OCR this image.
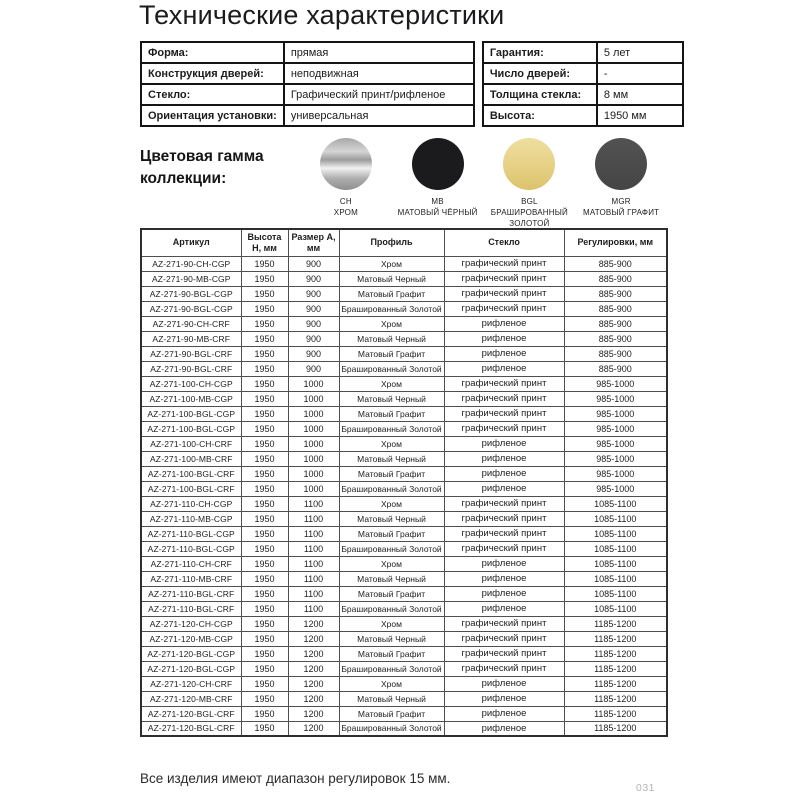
Технические характеристики
Форма:	прямая
Конструкция дверей:	неподвижная
Стекло:	Графический принт/рифленое
Ориентация установки:	универсальная
Гарантия:	5 лет
Число дверей:	-
Толщина стекла:	8 мм
Высота:	1950 мм
Цветовая гамма коллекции:
CH
ХРОМ
MB
МАТОВЫЙ ЧЁРНЫЙ
BGL
БРАШИРОВАННЫЙ ЗОЛОТОЙ
MGR
МАТОВЫЙ ГРАФИТ
Артикул	Высота H, мм	Размер A, мм	Профиль	Стекло	Регулировки, мм
AZ-271-90-CH-CGP	1950	900	Хром	графический принт	885-900
AZ-271-90-MB-CGP	1950	900	Матовый Черный	графический принт	885-900
AZ-271-90-BGL-CGP	1950	900	Матовый Графит	графический принт	885-900
AZ-271-90-BGL-CGP	1950	900	Брашированный Золотой	графический принт	885-900
AZ-271-90-CH-CRF	1950	900	Хром	рифленое	885-900
AZ-271-90-MB-CRF	1950	900	Матовый Черный	рифленое	885-900
AZ-271-90-BGL-CRF	1950	900	Матовый Графит	рифленое	885-900
AZ-271-90-BGL-CRF	1950	900	Брашированный Золотой	рифленое	885-900
AZ-271-100-CH-CGP	1950	1000	Хром	графический принт	985-1000
AZ-271-100-MB-CGP	1950	1000	Матовый Черный	графический принт	985-1000
AZ-271-100-BGL-CGP	1950	1000	Матовый Графит	графический принт	985-1000
AZ-271-100-BGL-CGP	1950	1000	Брашированный Золотой	графический принт	985-1000
AZ-271-100-CH-CRF	1950	1000	Хром	рифленое	985-1000
AZ-271-100-MB-CRF	1950	1000	Матовый Черный	рифленое	985-1000
AZ-271-100-BGL-CRF	1950	1000	Матовый Графит	рифленое	985-1000
AZ-271-100-BGL-CRF	1950	1000	Брашированный Золотой	рифленое	985-1000
AZ-271-110-CH-CGP	1950	1100	Хром	графический принт	1085-1100
AZ-271-110-MB-CGP	1950	1100	Матовый Черный	графический принт	1085-1100
AZ-271-110-BGL-CGP	1950	1100	Матовый Графит	графический принт	1085-1100
AZ-271-110-BGL-CGP	1950	1100	Брашированный Золотой	графический принт	1085-1100
AZ-271-110-CH-CRF	1950	1100	Хром	рифленое	1085-1100
AZ-271-110-MB-CRF	1950	1100	Матовый Черный	рифленое	1085-1100
AZ-271-110-BGL-CRF	1950	1100	Матовый Графит	рифленое	1085-1100
AZ-271-110-BGL-CRF	1950	1100	Брашированный Золотой	рифленое	1085-1100
AZ-271-120-CH-CGP	1950	1200	Хром	графический принт	1185-1200
AZ-271-120-MB-CGP	1950	1200	Матовый Черный	графический принт	1185-1200
AZ-271-120-BGL-CGP	1950	1200	Матовый Графит	графический принт	1185-1200
AZ-271-120-BGL-CGP	1950	1200	Брашированный Золотой	графический принт	1185-1200
AZ-271-120-CH-CRF	1950	1200	Хром	рифленое	1185-1200
AZ-271-120-MB-CRF	1950	1200	Матовый Черный	рифленое	1185-1200
AZ-271-120-BGL-CRF	1950	1200	Матовый Графит	рифленое	1185-1200
AZ-271-120-BGL-CRF	1950	1200	Брашированный Золотой	рифленое	1185-1200
Все изделия имеют диапазон регулировок 15 мм.
031
